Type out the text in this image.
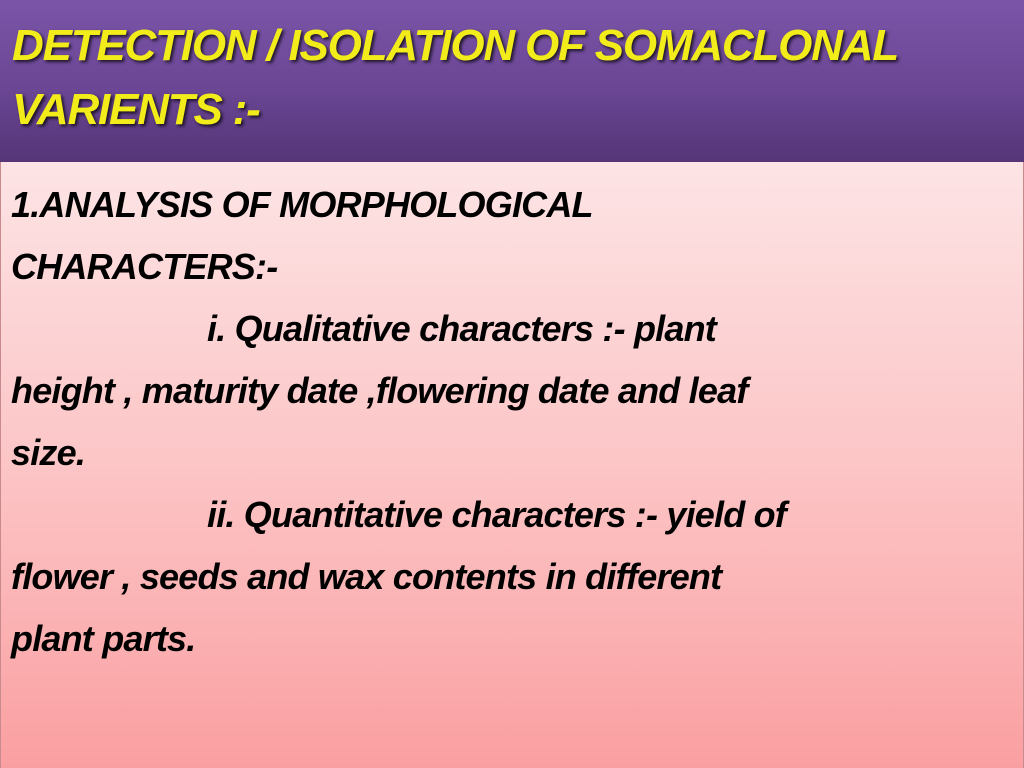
DETECTION / ISOLATION OF SOMACLONAL
VARIENTS :-

1.ANALYSIS OF MORPHOLOGICAL

CHARACTERS:-

i. Qualitative characters :- plant

height , maturity date ,flowering date and leaf

size.

ii. Quantitative characters :- yield of

flower , seeds and wax contents in different

plant parts.
